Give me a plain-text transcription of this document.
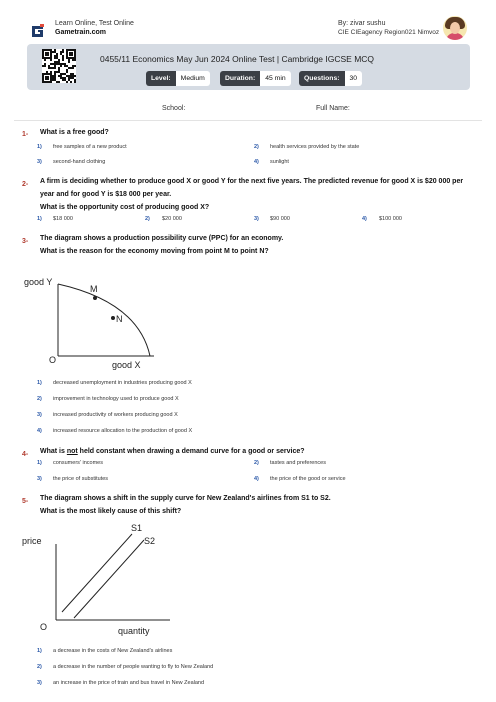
Learn Online, Test Online
Gametrain.com
By: zivar sushu
CIE CIEagency Region021 Nimvoz
0455/11 Economics May Jun 2024 Online Test | Cambridge IGCSE MCQ
Level:	Medium	Duration:	45 min	Questions:	30
School:	Full Name:
1- What is a free good?
1) free samples of a new product	2) health services provided by the state
3) second-hand clothing	4) sunlight
2- A firm is deciding whether to produce good X or good Y for the next five years. The predicted revenue for good X is $20 000 per
year and for good Y is $18 000 per year.
What is the opportunity cost of producing good X?
1) $18 000	2) $20 000	3) $90 000	4) $100 000
3- The diagram shows a production possibility curve (PPC) for an economy.
What is the reason for the economy moving from point M to point N?
good Y
good X
O
M
N
1) decreased unemployment in industries producing good X
2) improvement in technology used to produce good X
3) increased productivity of workers producing good X
4) increased resource allocation to the production of good X
4- What is not held constant when drawing a demand curve for a good or service?
1) consumers' incomes	2) tastes and preferences
3) the price of substitutes	4) the price of the good or service
5- The diagram shows a shift in the supply curve for New Zealand's airlines from S1 to S2.
What is the most likely cause of this shift?
price
quantity
O
S1
S2
1) a decrease in the costs of New Zealand's airlines
2) a decrease in the number of people wanting to fly to New Zealand
3) an increase in the price of train and bus travel in New Zealand
